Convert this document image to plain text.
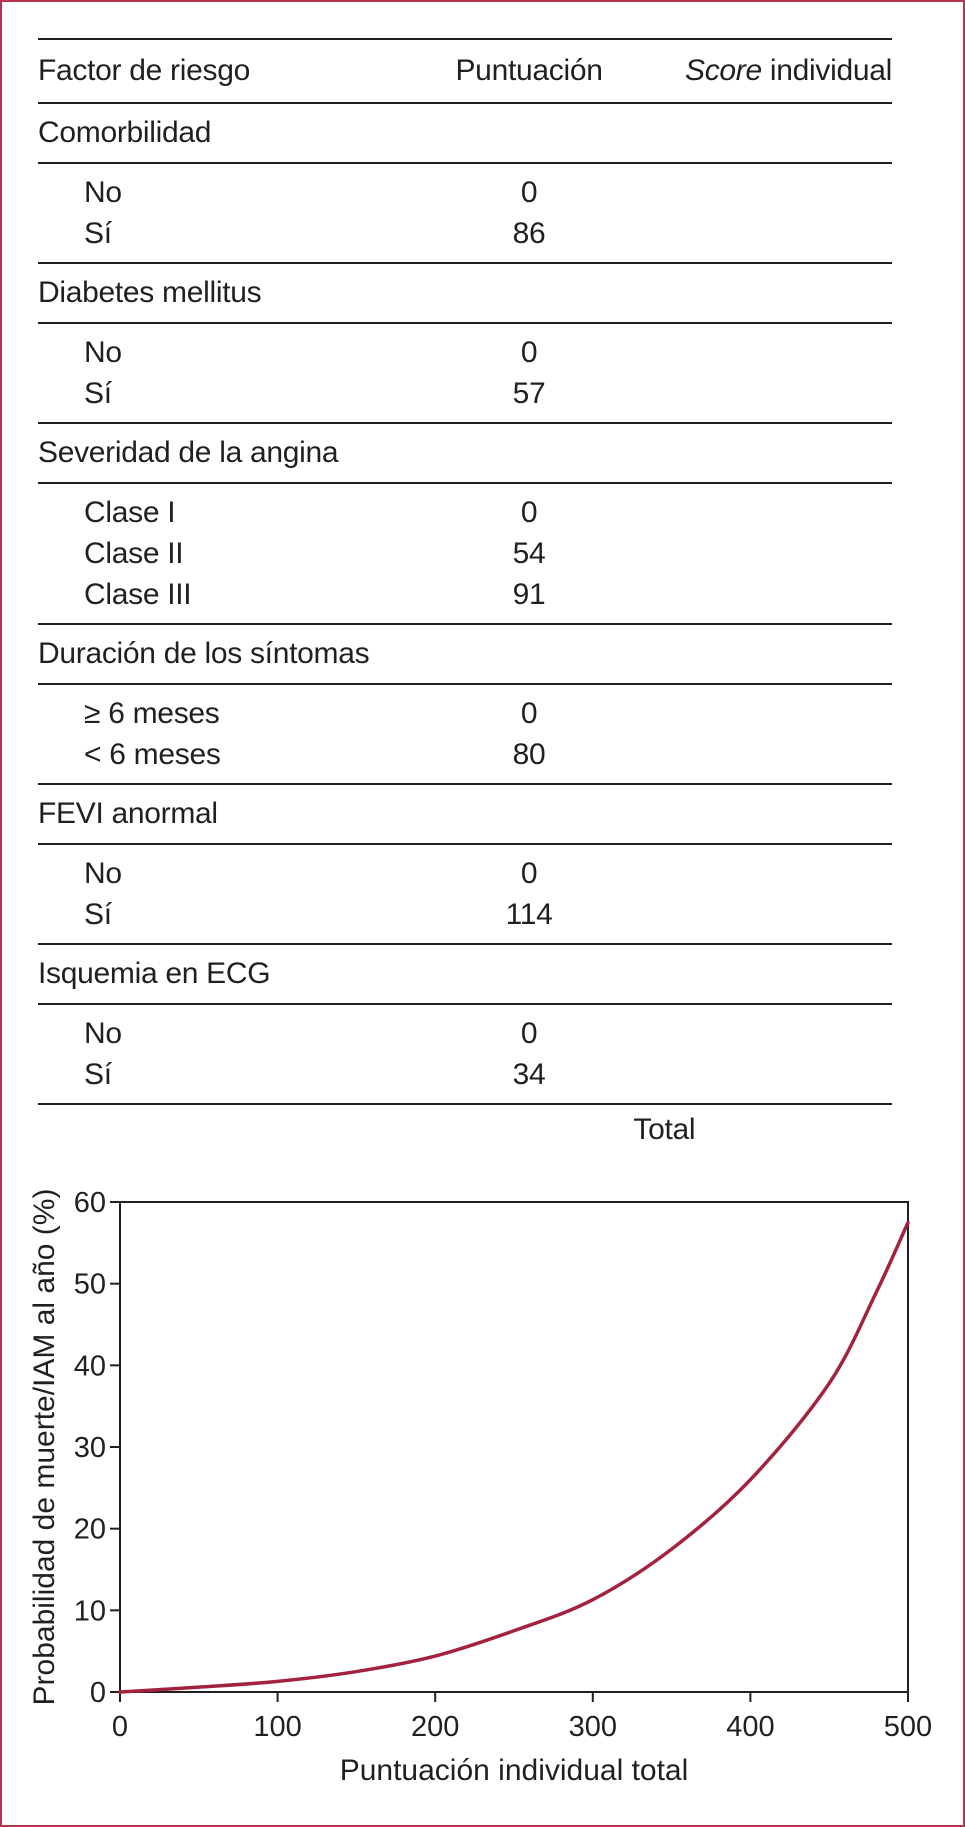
Factor de riesgo	Puntuación	Score individual
Comorbilidad		
No	0	
Sí	86	
Diabetes mellitus		
No	0	
Sí	57	
Severidad de la angina		
Clase I	0	
Clase II	54	
Clase III	91	
Duración de los síntomas		
≥ 6 meses	0	
< 6 meses	80	
FEVI anormal		
No	0	
Sí	114	
Isquemia en ECG		
No	0	
Sí	34	
	Total	
0
10
20
30
40
50
60
0	100	200	300	400	500
Puntuación individual total
Probabilidad de muerte/IAM al año (%)
